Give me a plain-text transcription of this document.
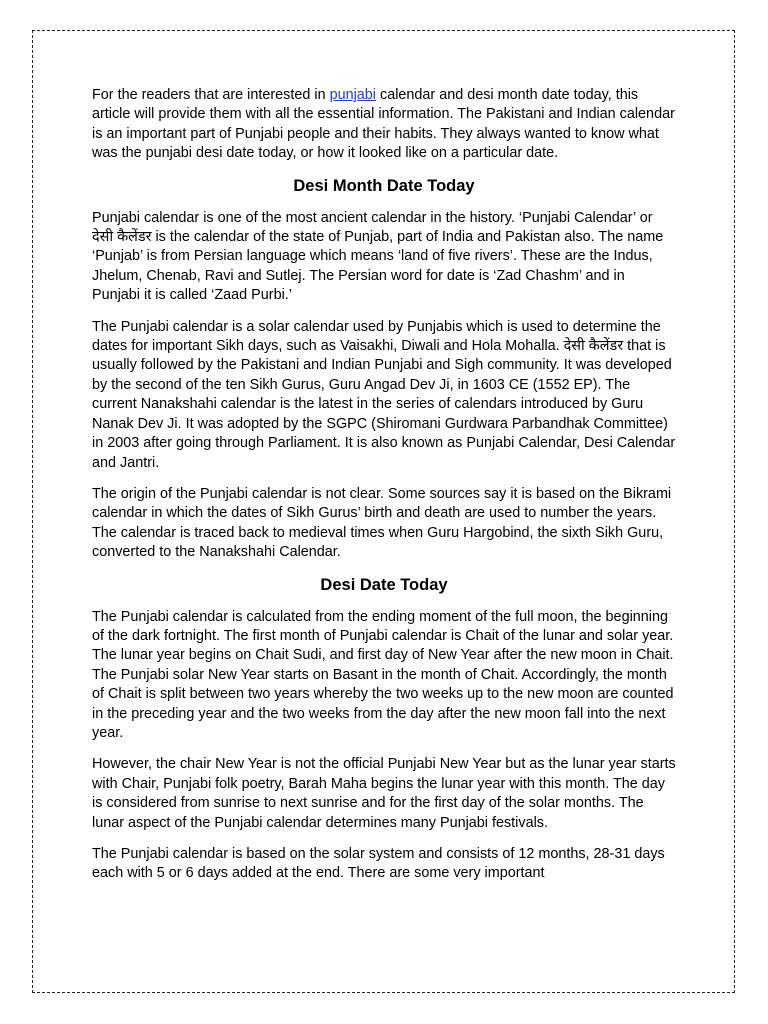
For the readers that are interested in punjabi calendar and desi month date today, this article will provide them with all the essential information. The Pakistani and Indian calendar is an important part of Punjabi people and their habits. They always wanted to know what was the punjabi desi date today, or how it looked like on a particular date.

Desi Month Date Today

Punjabi calendar is one of the most ancient calendar in the history. ‘Punjabi Calendar’ or देसी कैलेंडर is the calendar of the state of Punjab, part of India and Pakistan also. The name ‘Punjab’ is from Persian language which means ‘land of five rivers’. These are the Indus, Jhelum, Chenab, Ravi and Sutlej. The Persian word for date is ‘Zad Chashm’ and in Punjabi it is called ‘Zaad Purbi.’

The Punjabi calendar is a solar calendar used by Punjabis which is used to determine the dates for important Sikh days, such as Vaisakhi, Diwali and Hola Mohalla. देसी कैलेंडर that is usually followed by the Pakistani and Indian Punjabi and Sigh community. It was developed by the second of the ten Sikh Gurus, Guru Angad Dev Ji, in 1603 CE (1552 EP). The current Nanakshahi calendar is the latest in the series of calendars introduced by Guru Nanak Dev Ji. It was adopted by the SGPC (Shiromani Gurdwara Parbandhak Committee) in 2003 after going through Parliament. It is also known as Punjabi Calendar, Desi Calendar and Jantri.

The origin of the Punjabi calendar is not clear. Some sources say it is based on the Bikrami calendar in which the dates of Sikh Gurus’ birth and death are used to number the years. The calendar is traced back to medieval times when Guru Hargobind, the sixth Sikh Guru, converted to the Nanakshahi Calendar.

Desi Date Today

The Punjabi calendar is calculated from the ending moment of the full moon, the beginning of the dark fortnight. The first month of Punjabi calendar is Chait of the lunar and solar year. The lunar year begins on Chait Sudi, and first day of New Year after the new moon in Chait. The Punjabi solar New Year starts on Basant in the month of Chait. Accordingly, the month of Chait is split between two years whereby the two weeks up to the new moon are counted in the preceding year and the two weeks from the day after the new moon fall into the next year.

However, the chair New Year is not the official Punjabi New Year but as the lunar year starts with Chair, Punjabi folk poetry, Barah Maha begins the lunar year with this month. The day is considered from sunrise to next sunrise and for the first day of the solar months. The lunar aspect of the Punjabi calendar determines many Punjabi festivals.

The Punjabi calendar is based on the solar system and consists of 12 months, 28-31 days each with 5 or 6 days added at the end. There are some very important
